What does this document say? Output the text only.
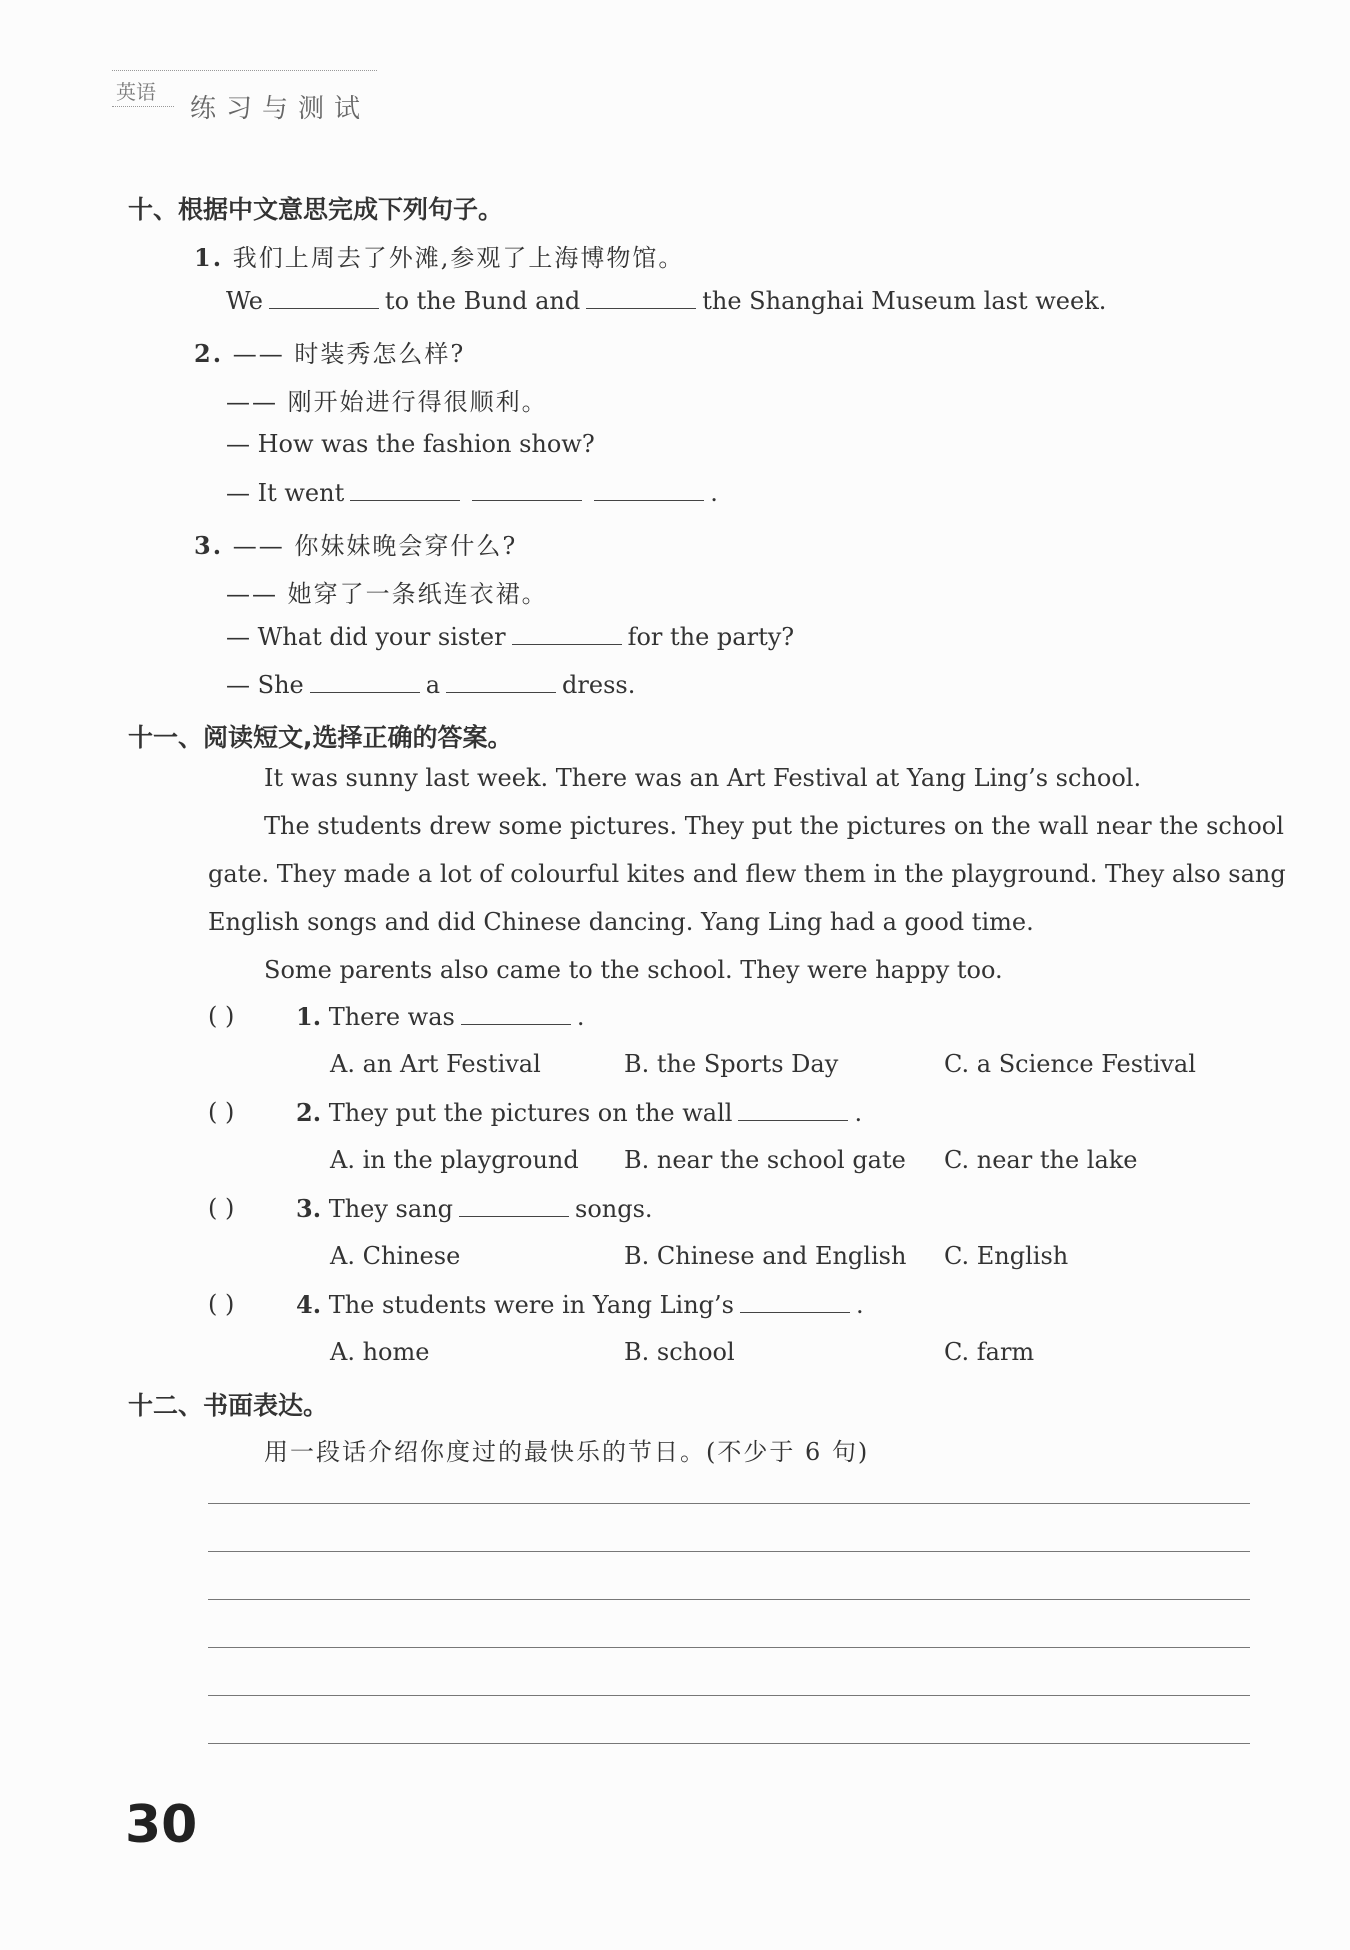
英语
练习与测试
十、根据中文意思完成下列句子。
1. 我们上周去了外滩,参观了上海博物馆。
We	to the Bund and	the Shanghai Museum last week.
2. —— 时装秀怎么样?
—— 刚开始进行得很顺利。
— How was the fashion show?
— It went	.
3. —— 你妹妹晚会穿什么?
—— 她穿了一条纸连衣裙。
— What did your sister	for the party?
— She	a	dress.
十一、阅读短文,选择正确的答案。
It was sunny last week. There was an Art Festival at Yang Ling’s school.
The students drew some pictures. They put the pictures on the wall near the school
gate. They made a lot of colourful kites and flew them in the playground. They also sang
English songs and did Chinese dancing. Yang Ling had a good time.
Some parents also came to the school. They were happy too.
( )	1. There was	.
A. an Art Festival	B. the Sports Day	C. a Science Festival
( )	2. They put the pictures on the wall	.
A. in the playground B. near the school gate C. near the lake
( )	3. They sang	songs.
A. Chinese	B. Chinese and English C. English
( )	4. The students were in Yang Ling’s	.
A. home	B. school	C. farm
十二、书面表达。
用一段话介绍你度过的最快乐的节日。(不少于 6 句)
30
